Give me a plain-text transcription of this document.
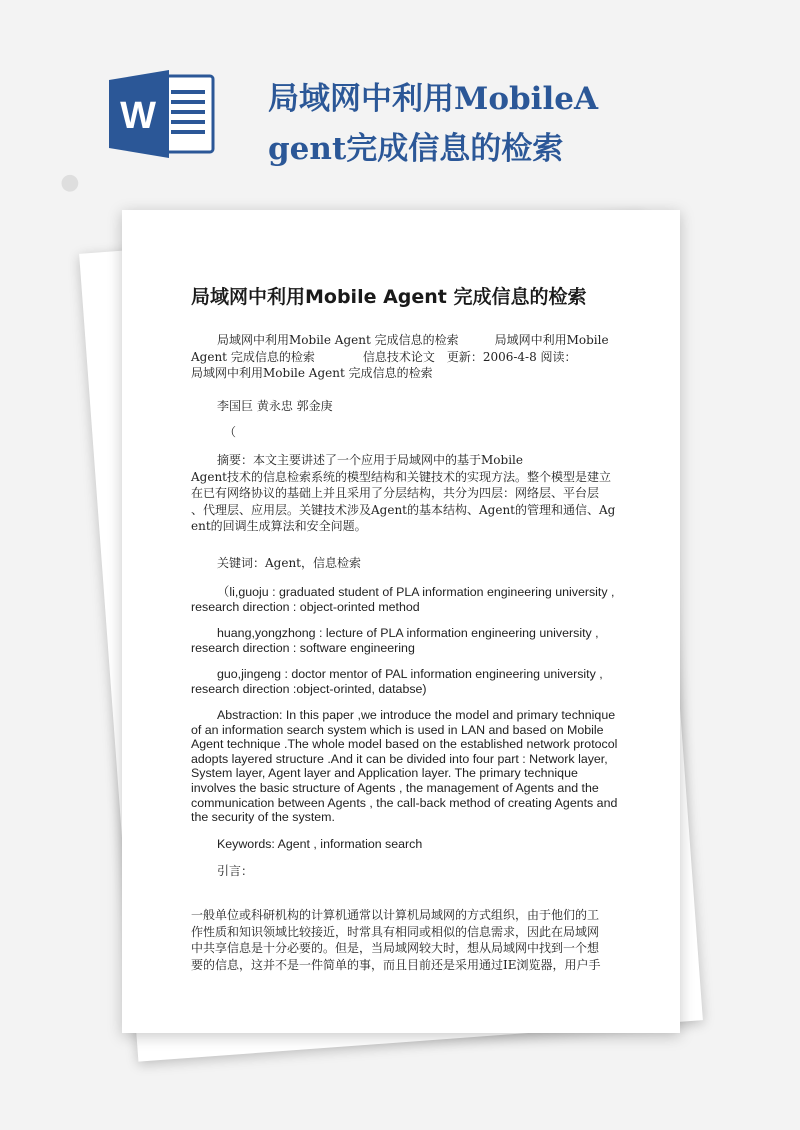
W	局域网中利用MobileAgent完成信息的检索
●
局域网中利用Mobile Agent 完成信息的检索
局域网中利用Mobile Agent 完成信息的检索　　　局域网中利用Mobile
Agent 完成信息的检索　　　　信息技术论文　更新：2006-4-8 阅读：
局域网中利用Mobile Agent 完成信息的检索
李国巨 黄永忠 郭金庚
（
摘要：本文主要讲述了一个应用于局域网中的基于Mobile
Agent技术的信息检索系统的模型结构和关键技术的实现方法。整个模型是建立
在已有网络协议的基础上并且采用了分层结构，共分为四层：网络层、平台层
、代理层、应用层。关键技术涉及Agent的基本结构、Agent的管理和通信、Ag
ent的回调生成算法和安全问题。
关键词：Agent，信息检索
（li,guoju : graduated student of PLA information engineering university ,
research direction : object-orinted method
huang,yongzhong : lecture of PLA information engineering university ,
research direction : software engineering
guo,jingeng : doctor mentor of PAL information engineering university ,
research direction :object-orinted, databse)
Abstraction: In this paper ,we introduce the model and primary technique
of an information search system which is used in LAN and based on Mobile
Agent technique .The whole model based on the established network protocol
adopts layered structure .And it can be divided into four part : Network layer,
System layer, Agent layer and Application layer. The primary technique
involves the basic structure of Agents , the management of Agents and the
communication between Agents , the call-back method of creating Agents and
the security of the system.
Keywords: Agent , information search
引言：
一般单位或科研机构的计算机通常以计算机局域网的方式组织，由于他们的工
作性质和知识领域比较接近，时常具有相同或相似的信息需求，因此在局域网
中共享信息是十分必要的。但是，当局域网较大时，想从局域网中找到一个想
要的信息，这并不是一件简单的事，而且目前还是采用通过IE浏览器，用户手
